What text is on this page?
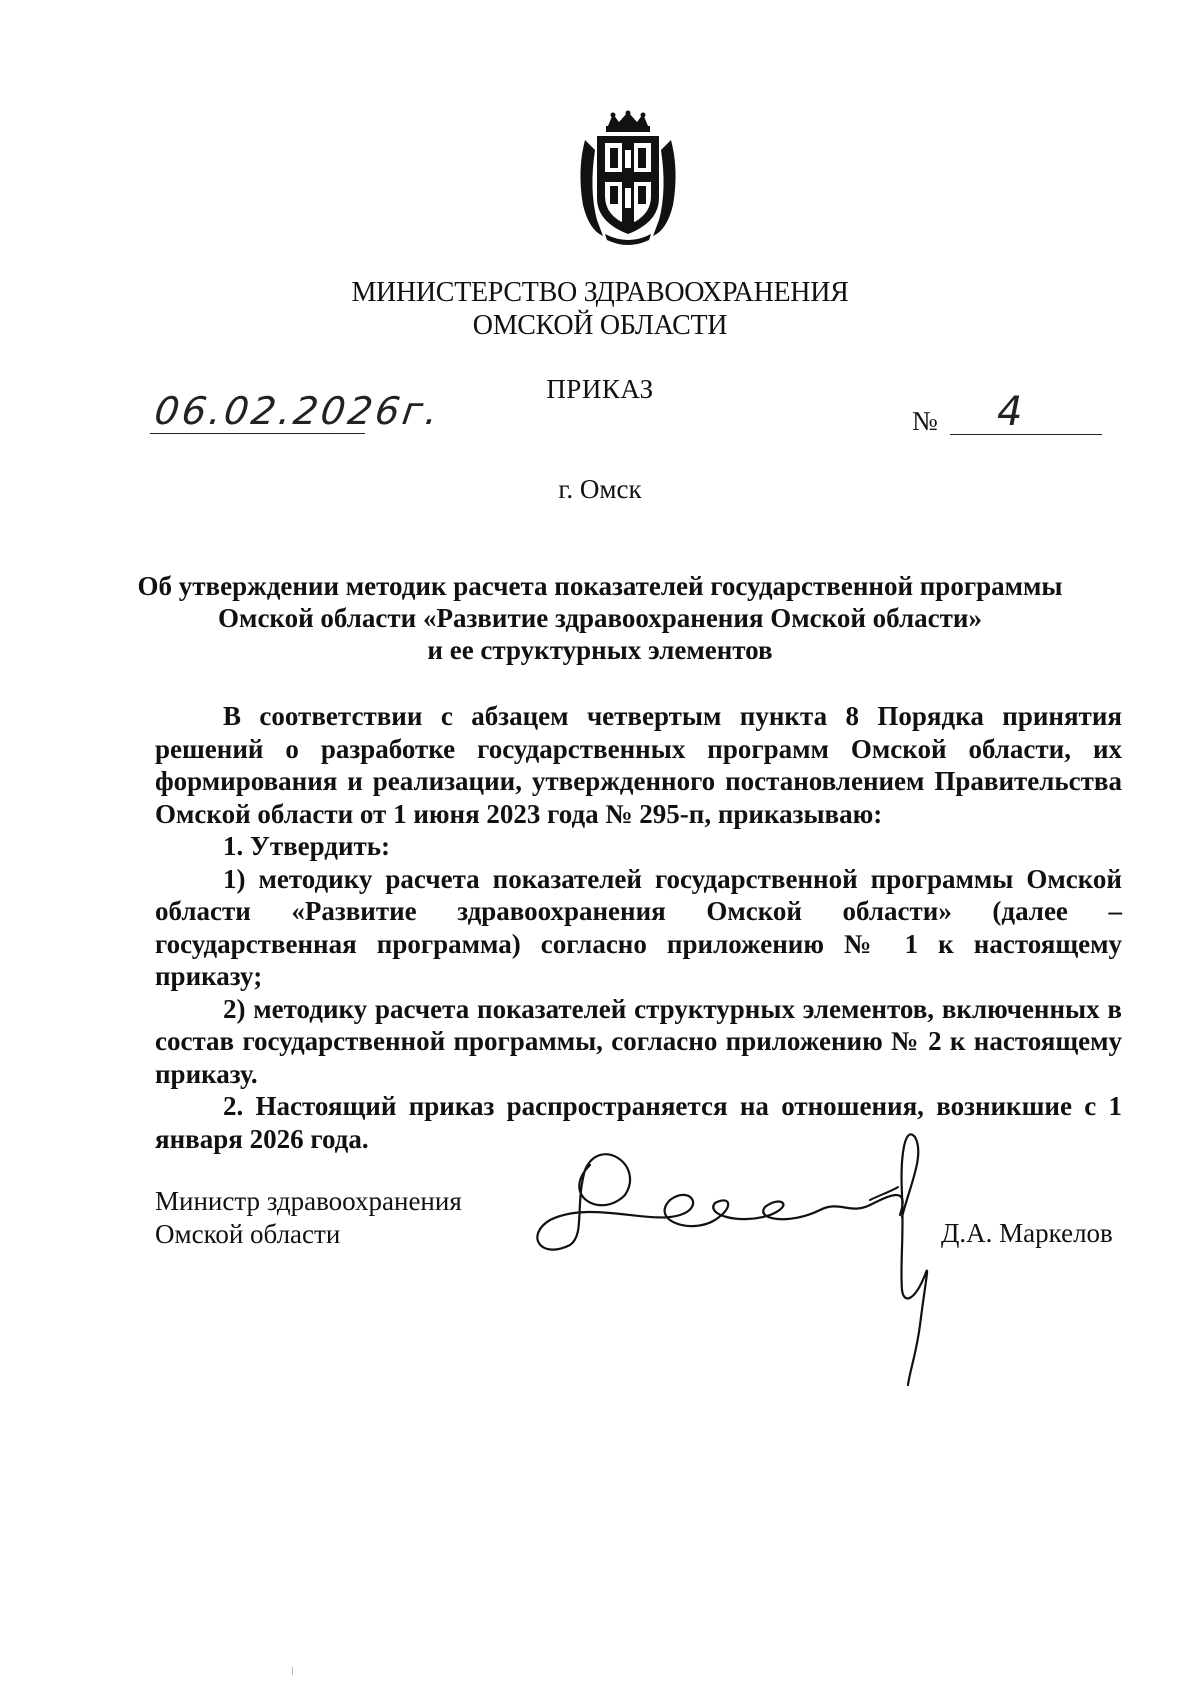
МИНИСТЕРСТВО ЗДРАВООХРАНЕНИЯ
ОМСКОЙ ОБЛАСТИ
ПРИКАЗ
06.02.2026г.	№ 4
г. Омск
Об утверждении методик расчета показателей государственной программы
Омской области «Развитие здравоохранения Омской области»
и ее структурных элементов

В соответствии с абзацем четвертым пункта 8 Порядка принятия решений о разработке государственных программ Омской области, их формирования и реализации, утвержденного постановлением Правительства Омской области от 1 июня 2023 года № 295-п, приказываю:

1. Утвердить:

1) методику расчета показателей государственной программы Омской области «Развитие здравоохранения Омской области» (далее – государственная программа) согласно приложению № 1 к настоящему приказу;

2) методику расчета показателей структурных элементов, включенных в состав государственной программы, согласно приложению № 2 к настоящему приказу.

2. Настоящий приказ распространяется на отношения, возникшие с 1 января 2026 года.

Министр здравоохранения
Омской области	Д.А. Маркелов
